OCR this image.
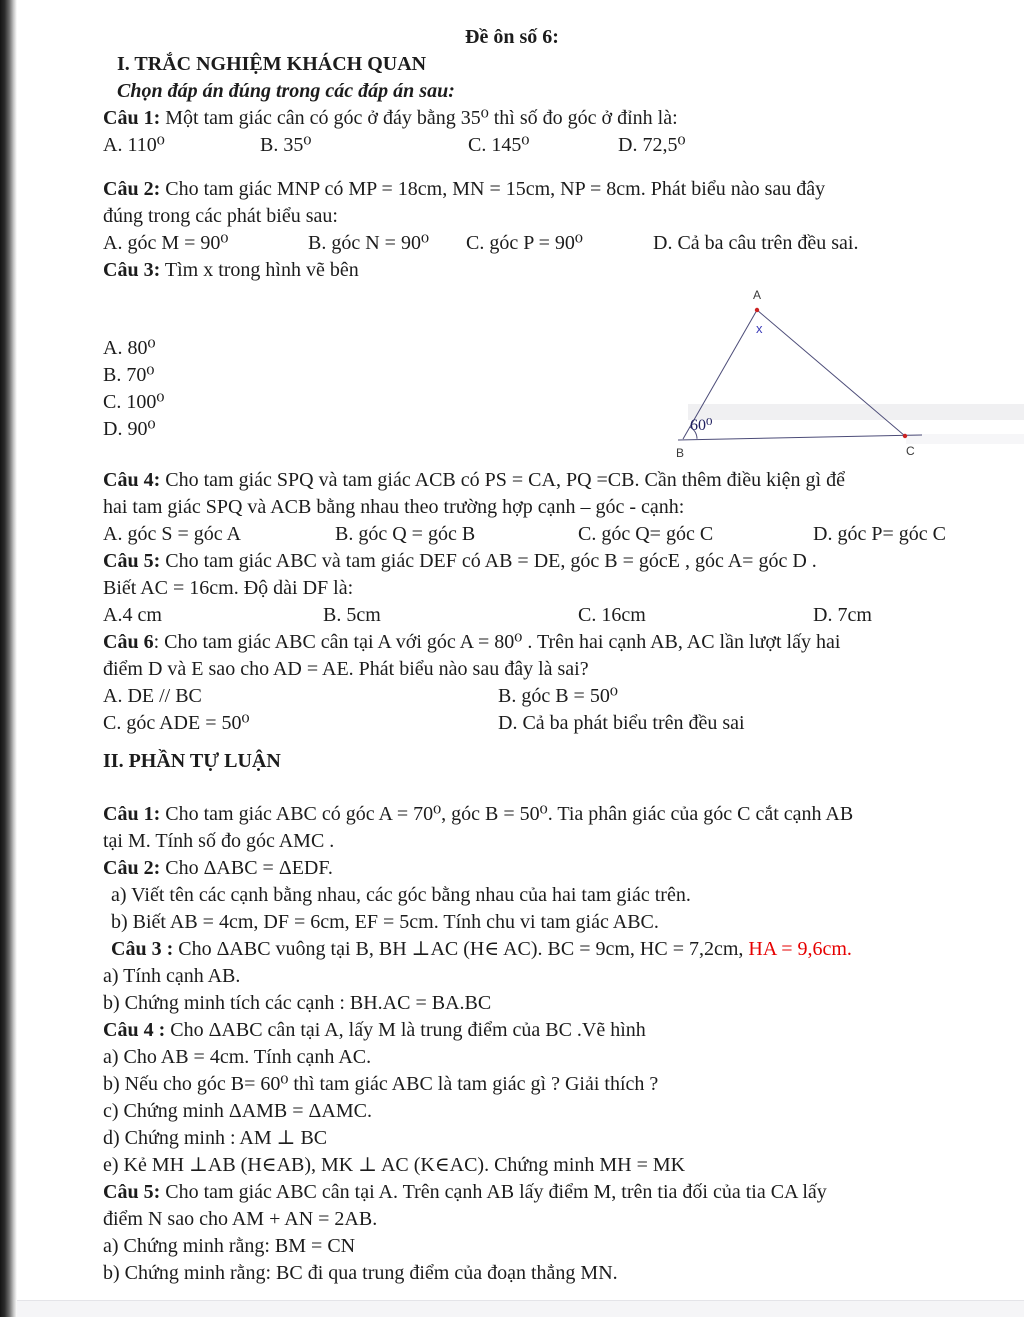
Đề ôn số 6:
I. TRẮC NGHIỆM KHÁCH QUAN
Chọn đáp án đúng trong các đáp án sau:
Câu 1: Một tam giác cân có góc ở đáy bằng 35⁰ thì số đo góc ở đỉnh là:
A. 110⁰	B. 35⁰	C. 145⁰	D. 72,5⁰
Câu 2: Cho tam giác MNP có MP = 18cm, MN = 15cm, NP = 8cm. Phát biểu nào sau đây
đúng trong các phát biểu sau:
A. góc M = 90⁰	B. góc N = 90⁰ C. góc P = 90⁰	D. Cả ba câu trên đều sai.
Câu 3: Tìm x trong hình vẽ bên
A. 80⁰
B. 70⁰
C. 100⁰
D. 90⁰
Câu 4: Cho tam giác SPQ và tam giác ACB có PS = CA, PQ =CB. Cần thêm điều kiện gì để
hai tam giác SPQ và ACB bằng nhau theo trường hợp cạnh – góc - cạnh:
A. góc S = góc A	B. góc Q = góc B	C. góc Q= góc C	D. góc P= góc C
Câu 5: Cho tam giác ABC và tam giác DEF có AB = DE, góc B = gócE , góc A= góc D .
Biết AC = 16cm. Độ dài DF là:
A.4 cm	B. 5cm	C. 16cm	D. 7cm
Câu 6: Cho tam giác ABC cân tại A với góc A = 80⁰ . Trên hai cạnh AB, AC lần lượt lấy hai
điểm D và E sao cho AD = AE. Phát biểu nào sau đây là sai?
A. DE // BC	B. góc B = 50⁰
C. góc ADE = 50⁰	D. Cả ba phát biểu trên đều sai
II. PHẦN TỰ LUẬN
Câu 1: Cho tam giác ABC có góc A = 70⁰, góc B = 50⁰. Tia phân giác của góc C cắt cạnh AB
tại M. Tính số đo góc AMC .
Câu 2: Cho ΔABC = ΔEDF.
a) Viết tên các cạnh bằng nhau, các góc bằng nhau của hai tam giác trên.
b) Biết AB = 4cm, DF = 6cm, EF = 5cm. Tính chu vi tam giác ABC.
Câu 3 : Cho ΔABC vuông tại B, BH ⊥AC (H∈ AC). BC = 9cm, HC = 7,2cm, HA = 9,6cm.
a) Tính cạnh AB.
b) Chứng minh tích các cạnh : BH.AC = BA.BC
Câu 4 : Cho ΔABC cân tại A, lấy M là trung điểm của BC .Vẽ hình
a) Cho AB = 4cm. Tính cạnh AC.
b) Nếu cho góc B= 60⁰ thì tam giác ABC là tam giác gì ? Giải thích ?
c) Chứng minh ΔAMB = ΔAMC.
d) Chứng minh : AM ⊥ BC
e) Kẻ MH ⊥AB (H∈AB), MK ⊥ AC (K∈AC). Chứng minh MH = MK
Câu 5: Cho tam giác ABC cân tại A. Trên cạnh AB lấy điểm M, trên tia đối của tia CA lấy
điểm N sao cho AM + AN = 2AB.
a) Chứng minh rằng: BM = CN
b) Chứng minh rằng: BC đi qua trung điểm của đoạn thẳng MN.
A
B	C
x
60⁰
